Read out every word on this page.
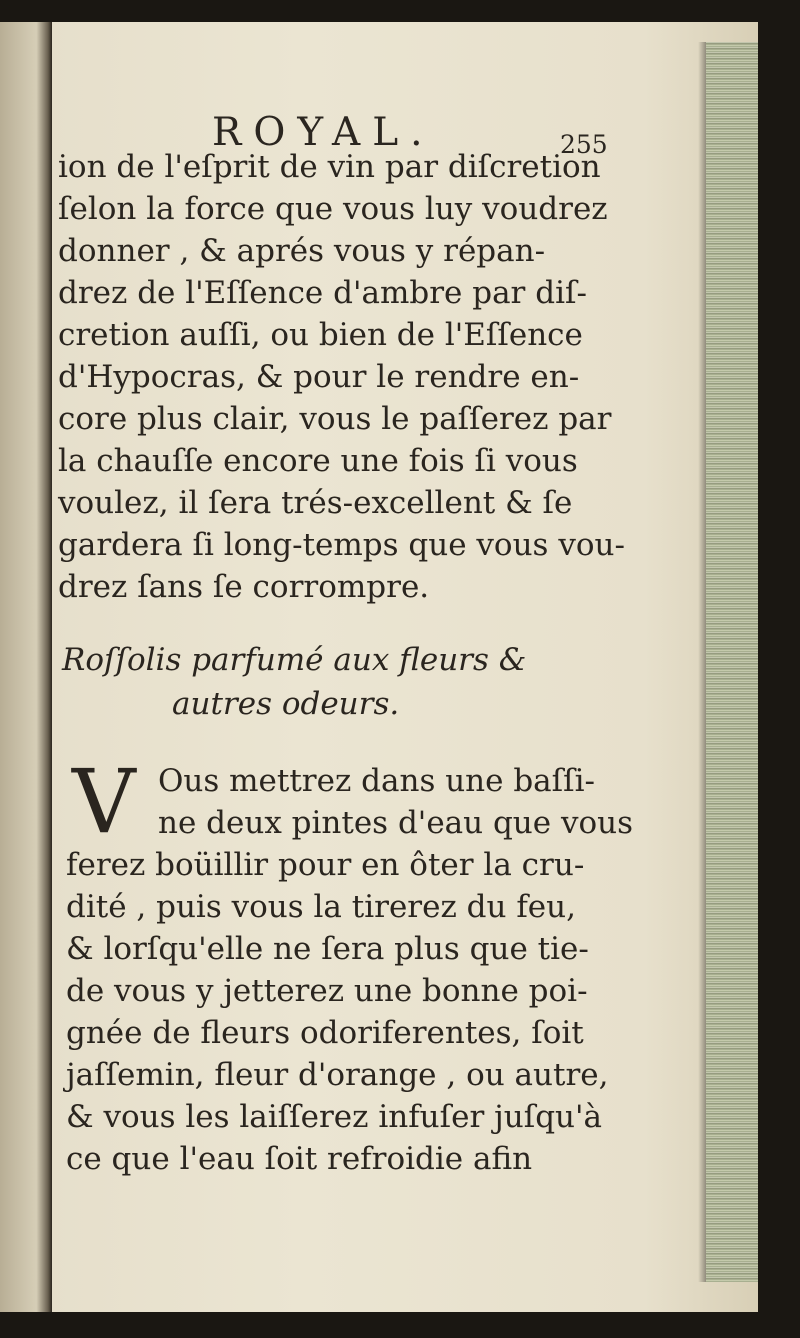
ROYAL.	255
ion de l'eſprit de vin par diſcretion
ſelon la force que vous luy voudrez
donner , & aprés vous y répan-
drez de l'Eſſence d'ambre par diſ-
cretion auſſi, ou bien de l'Eſſence
d'Hypocras, & pour le rendre en-
core plus clair, vous le paſſerez par
la chauſſe encore une fois ſi vous
voulez, il ſera trés-excellent & ſe
gardera ſi long-temps que vous vou-
drez ſans ſe corrompre.
Roſſolis parfumé aux fleurs &
autres odeurs.
V Ous mettrez dans une baſſi-
ne deux pintes d'eau que vous
ferez boüillir pour en ôter la cru-
dité , puis vous la tirerez du feu,
& lorſqu'elle ne ſera plus que tie-
de vous y jetterez une bonne poi-
gnée de fleurs odoriferentes, ſoit
jaſſemin, fleur d'orange , ou autre,
& vous les laiſſerez infuſer juſqu'à
ce que l'eau ſoit refroidie afin
